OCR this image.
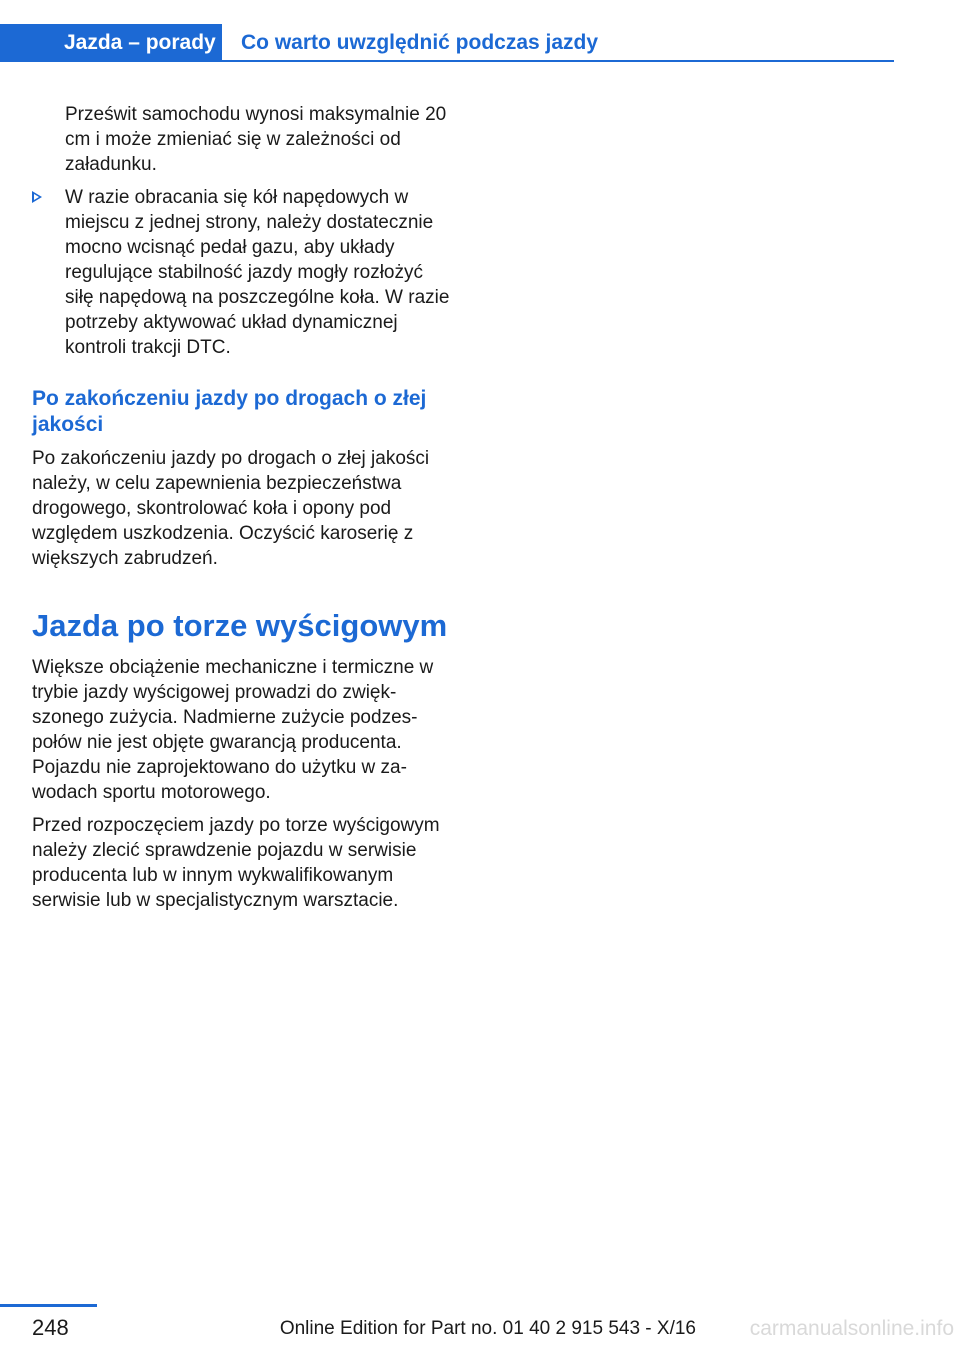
Jazda – porady Co warto uwzględnić podczas jazdy

Prześwit samochodu wynosi maksymalnie 20 cm i może zmieniać się w zależności od załadunku.

W razie obracania się kół napędowych w miejscu z jednej strony, należy dostatecznie mocno wcisnąć pedał gazu, aby układy regulujące stabilność jazdy mogły rozłożyć siłę napędową na poszczególne koła. W razie potrzeby aktywować układ dynamicznej kontroli trakcji DTC.

Po zakończeniu jazdy po drogach o złej jakości

Po zakończeniu jazdy po drogach o złej jakości należy, w celu zapewnienia bezpieczeństwa drogowego, skontrolować koła i opony pod względem uszkodzenia. Oczyścić karoserię z większych zabrudzeń.

Jazda po torze wyścigowym

Większe obciążenie mechaniczne i termiczne w trybie jazdy wyścigowej prowadzi do zwiększonego zużycia. Nadmierne zużycie podzespołów nie jest objęte gwarancją producenta. Pojazdu nie zaprojektowano do użytku w zawodach sportu motorowego.

Przed rozpoczęciem jazdy po torze wyścigowym należy zlecić sprawdzenie pojazdu w serwisie producenta lub w innym wykwalifikowanym serwisie lub w specjalistycznym warsztacie.

248	carmanualsonline.info
Online Edition for Part no. 01 40 2 915 543 - X/16
